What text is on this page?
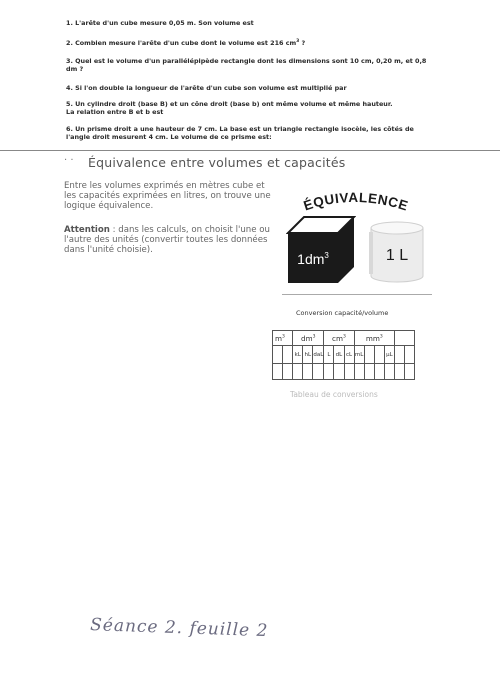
1. L'arête d'un cube mesure 0,05 m. Son volume est
2. Combien mesure l'arête d'un cube dont le volume est 216 $cm^3$ ?
3. Quel est le volume d'un parallélépipède rectangle dont les dimensions sont 10 cm, 0,20 m, et 0,8
dm ?
4. Si l'on double la longueur de l'arête d'un cube son volume est multiplié par
5. Un cylindre droit (base B) et un cône droit (base b) ont même volume et même hauteur.
La relation entre B et b est
6. Un prisme droit a une hauteur de 7 cm. La base est un triangle rectangle isocèle, les côtés de
l'angle droit mesurent 4 cm. Le volume de ce prisme est:
· · Équivalence entre volumes et capacités
Entre les volumes exprimés en mètres cube et
les capacités exprimées en litres, on trouve une
logique équivalence.
Attention : dans les calculs, on choisit l'une ou
l'autre des unités (convertir toutes les données
dans l'unité choisie).
ÉQUIVALENCE
$1dm^3$	1 L
Conversion capacité/volume
$m^3$		$dm^3$			$cm^3$			$mm^3$	
		kL	hL	daL	L	dL	cL	mL			μL		

Tableau de conversions
Séance 2. feuille 2
